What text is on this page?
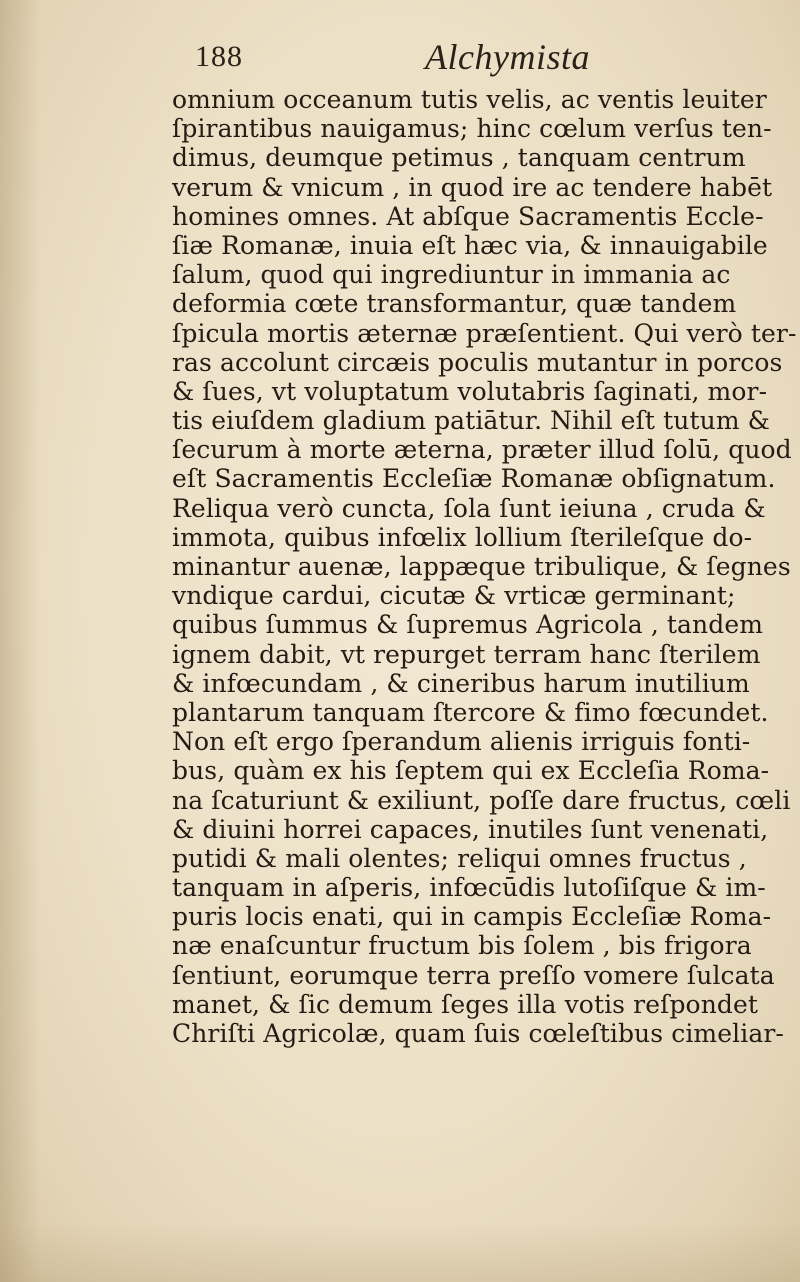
188	Alchymista
omnium occeanum tutis velis, ac ventis leuiter
ſpirantibus nauigamus; hinc cœlum verſus ten-
dimus, deumque petimus , tanquam centrum
verum & vnicum , in quod ire ac tendere habēt
homines omnes. At abſque Sacramentis Eccle-
ſiæ Romanæ, inuia eſt hæc via, & innauigabile
ſalum, quod qui ingrediuntur in immania ac
deformia cœte transformantur, quæ tandem
ſpicula mortis æternæ præſentient. Qui verò ter-
ras accolunt circæis poculis mutantur in porcos
& ſues, vt voluptatum volutabris ſaginati, mor-
tis eiuſdem gladium patiātur. Nihil eſt tutum &
ſecurum à morte æterna, præter illud ſolū, quod
eſt Sacramentis Eccleſiæ Romanæ obſignatum.
Reliqua verò cuncta, ſola ſunt ieiuna , cruda &
immota, quibus infœlix lollium ſterileſque do-
minantur auenæ, lappæque tribulique, & ſegnes
vndique cardui, cicutæ & vrticæ germinant;
quibus ſummus & ſupremus Agricola , tandem
ignem dabit, vt repurget terram hanc ſterilem
& infœcundam , & cineribus harum inutilium
plantarum tanquam ſtercore & fimo fœcundet.
Non eſt ergo ſperandum alienis irriguis fonti-
bus, quàm ex his ſeptem qui ex Eccleſia Roma-
na ſcaturiunt & exiliunt, poſſe dare fructus, cœli
& diuini horrei capaces, inutiles ſunt venenati,
putidi & mali olentes; reliqui omnes fructus ,
tanquam in aſperis, infœcūdis lutoſiſque & im-
puris locis enati, qui in campis Eccleſiæ Roma-
næ enaſcuntur fructum bis ſolem , bis frigora
ſentiunt, eorumque terra preſſo vomere ſulcata
manet, & ſic demum ſeges illa votis reſpondet
Chriſti Agricolæ, quam ſuis cœleſtibus cimeliar-
